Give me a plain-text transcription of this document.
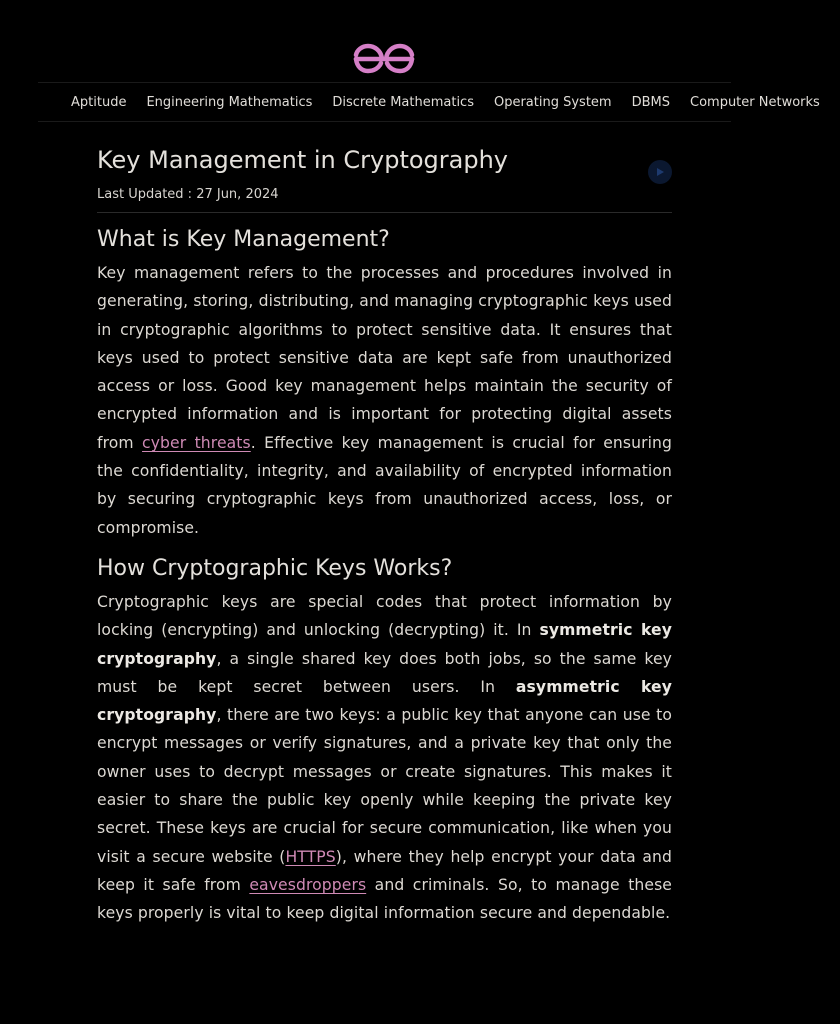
Aptitude Engineering Mathematics Discrete Mathematics Operating System DBMS Computer Networks
Key Management in Cryptography
Last Updated : 27 Jun, 2024
What is Key Management?

Key management refers to the processes and procedures involved in generating, storing, distributing, and managing cryptographic keys used in cryptographic algorithms to protect sensitive data. It ensures that keys used to protect sensitive data are kept safe from unauthorized access or loss. Good key management helps maintain the security of encrypted information and is important for protecting digital assets from cyber threats. Effective key management is crucial for ensuring the confidentiality, integrity, and availability of encrypted information by securing cryptographic keys from unauthorized access, loss, or compromise.

How Cryptographic Keys Works?

Cryptographic keys are special codes that protect information by locking (encrypting) and unlocking (decrypting) it. In symmetric key cryptography, a single shared key does both jobs, so the same key must be kept secret between users. In asymmetric key cryptography, there are two keys: a public key that anyone can use to encrypt messages or verify signatures, and a private key that only the owner uses to decrypt messages or create signatures. This makes it easier to share the public key openly while keeping the private key secret. These keys are crucial for secure communication, like when you visit a secure website (HTTPS), where they help encrypt your data and keep it safe from eavesdroppers and criminals. So, to manage these keys properly is vital to keep digital information secure and dependable.
